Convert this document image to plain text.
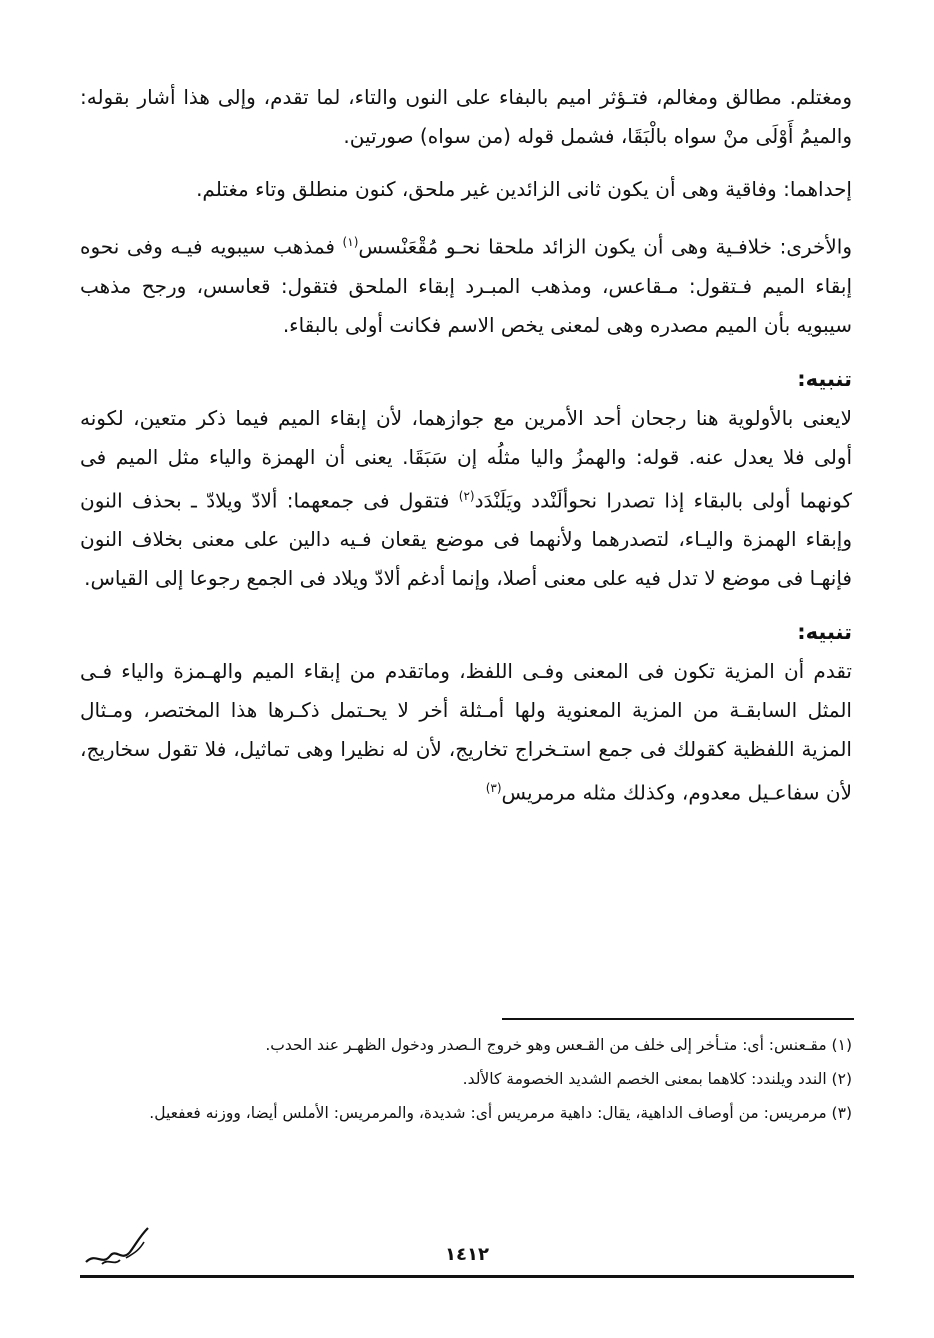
ومغتلم. مطالق ومغالم، فتـؤثر اميم بالبفاء على النوں والتاء، لما تقدم، وإلى هذا أشار بقوله: والميمُ أَوْلَى منْ سواه بالْبَقَا، فشمل قوله (من سواه) صورتين.

إحداهما: وفاقية وهى أن يكون ثانى الزائدين غير ملحق، كنون منطلق وتاء مغتلم.

والأخرى: خلافـية وهى أن يكون الزائد ملحقا نحـو مُقْعَنْسس$^{(١)}$ فمذهب سيبويه فيـه وفى نحوه إبقاء الميم فـتقول: مـقاعس، ومذهب المبـرد إبقاء الملحق فتقول: قعاسس، ورجح مذهب سيبويه بأن الميم مصدره وهى لمعنى يخص الاسم فكانت أولى بالبقاء.

تنبيه:

لايعنى بالأولوية هنا رجحان أحد الأمرين مع جوازهما، لأن إبقاء الميم فيما ذكر متعين، لكونه أولى فلا يعدل عنه. قوله: والهمزُ واليا مثلُه إن سَبَقَا. يعنى أن الهمزة والياء مثل الميم فى كونهما أولى بالبقاء إذا تصدرا نحوألَنْدد ويَلَنْدَد$^{(٢)}$ فتقول فى جمعهما: ألادّ ويلادّ ـ بحذف النون وإبقاء الهمزة واليـاء، لتصدرهما ولأنهما فى موضع يقعان فـيه دالين على معنى بخلاف النون فإنهـا فى موضع لا تدل فيه على معنى أصلا، وإنما أدغم ألادّ ويلاد فى الجمع رجوعا إلى القياس.

تنبيه:

تقدم أن المزية تكون فى المعنى وفـى اللفظ، وماتقدم من إبقاء الميم والهـمزة والياء فـى المثل السابقـة من المزية المعنوية ولها أمـثلة أخر لا يحـتمل ذكـرها هذا المختصر، ومـثال المزية اللفظية كقولك فى جمع استـخراج تخاريج، لأن له نظيرا وهى تماثيل، فلا تقول سخاريج، لأن سفاعـيل معدوم، وكذلك مثله مرمريس$^{(٣)}$

(١) مقـعنس: أى: متـأخر إلى خلف من القـعس وهو خروج الـصدر ودخول الظهـر عند الحدب.

(٢) الندد ويلندد: كلاهما بمعنى الخصم الشديد الخصومة كالألد.

(٣) مرمريس: من أوصاف الداهية، يقال: داهية مرمريس أى: شديدة، والمرمريس: الأملس أيضا، ووزنه فعفعيل.

١٤١٢
